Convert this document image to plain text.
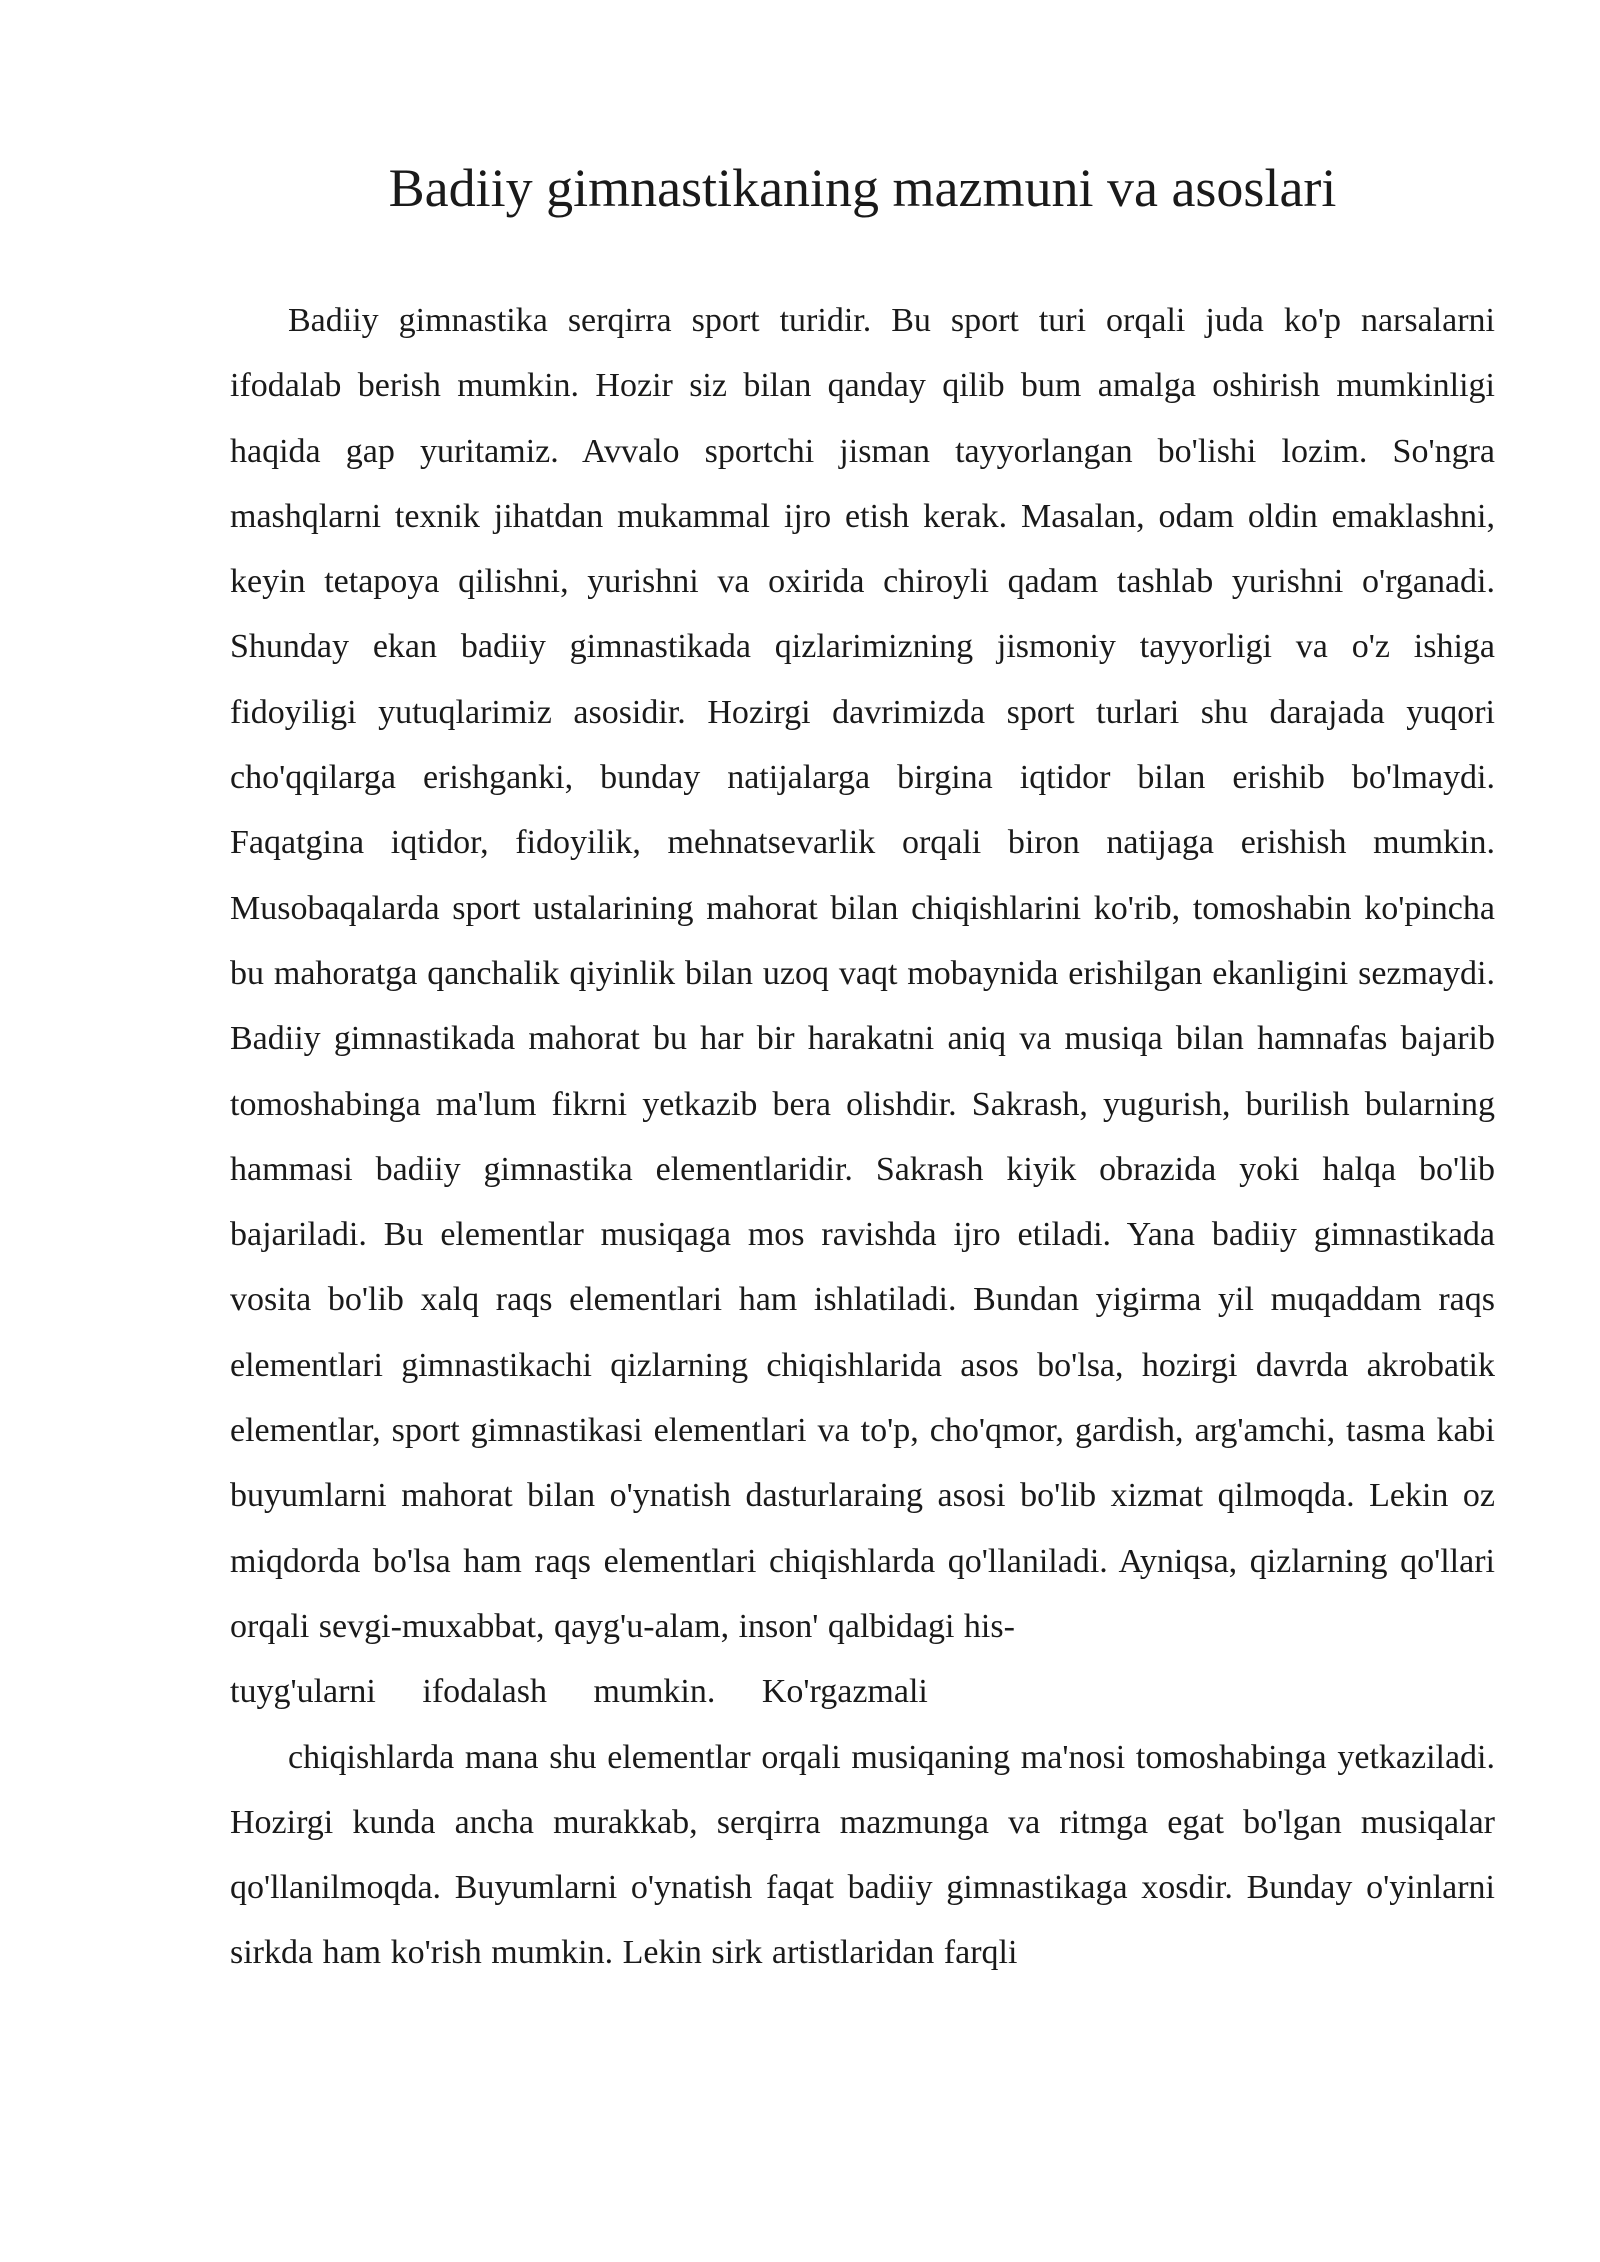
Badiiy gimnastikaning mazmuni va asoslari

Badiiy gimnastika serqirra sport turidir. Bu sport turi orqali juda ko'p narsalarni ifodalab berish mumkin. Hozir siz bilan qanday qilib bum amalga oshirish mumkinligi haqida gap yuritamiz. Avvalo sportchi jisman tayyorlangan bo'lishi lozim. So'ngra mashqlarni texnik jihatdan mukammal ijro etish kerak. Masalan, odam oldin emaklashni, keyin tetapoya qilishni, yurishni va oxirida chiroyli qadam tashlab yurishni o'rganadi. Shunday ekan badiiy gimnastikada qizlarimizning jismoniy tayyorligi va o'z ishiga fidoyiligi yutuqlarimiz asosidir. Hozirgi davrimizda sport turlari shu darajada yuqori cho'qqilarga erishganki, bunday natijalarga birgina iqtidor bilan erishib bo'lmaydi. Faqatgina iqtidor, fidoyilik, mehnatsevarlik orqali biron natijaga erishish mumkin. Musobaqalarda sport ustalarining mahorat bilan chiqishlarini ko'rib, tomoshabin ko'pincha bu mahoratga qanchalik qiyinlik bilan uzoq vaqt mobaynida erishilgan ekanligini sezmaydi. Badiiy gimnastikada mahorat bu har bir harakatni aniq va musiqa bilan hamnafas bajarib tomoshabinga ma'lum fikrni yetkazib bera olishdir. Sakrash, yugurish, burilish bularning hammasi badiiy gimnastika elementlaridir. Sakrash kiyik obrazida yoki halqa bo'lib bajariladi. Bu elementlar musiqaga mos ravishda ijro etiladi. Yana badiiy gimnastikada vosita bo'lib xalq raqs elementlari ham ishlatiladi. Bundan yigirma yil muqaddam raqs elementlari gimnastikachi qizlarning chiqishlarida asos bo'lsa, hozirgi davrda akrobatik elementlar, sport gimnastikasi elementlari va to'p, cho'qmor, gardish, arg'amchi, tasma kabi buyumlarni mahorat bilan o'ynatish dasturlaraing asosi bo'lib xizmat qilmoqda. Lekin oz miqdorda bo'lsa ham raqs elementlari chiqishlarda qo'llaniladi. Ayniqsa, qizlarning qo'llari orqali sevgi-muxabbat, qayg'u-alam, inson' qalbidagi his-
tuyg'ularni ifodalash mumkin. Ko'rgazmali

chiqishlarda mana shu elementlar orqali musiqaning ma'nosi tomoshabinga yetkaziladi. Hozirgi kunda ancha murakkab, serqirra mazmunga va ritmga egat bo'lgan musiqalar qo'llanilmoqda. Buyumlarni o'ynatish faqat badiiy gimnastikaga xosdir. Bunday o'yinlarni sirkda ham ko'rish mumkin. Lekin sirk artistlaridan farqli
